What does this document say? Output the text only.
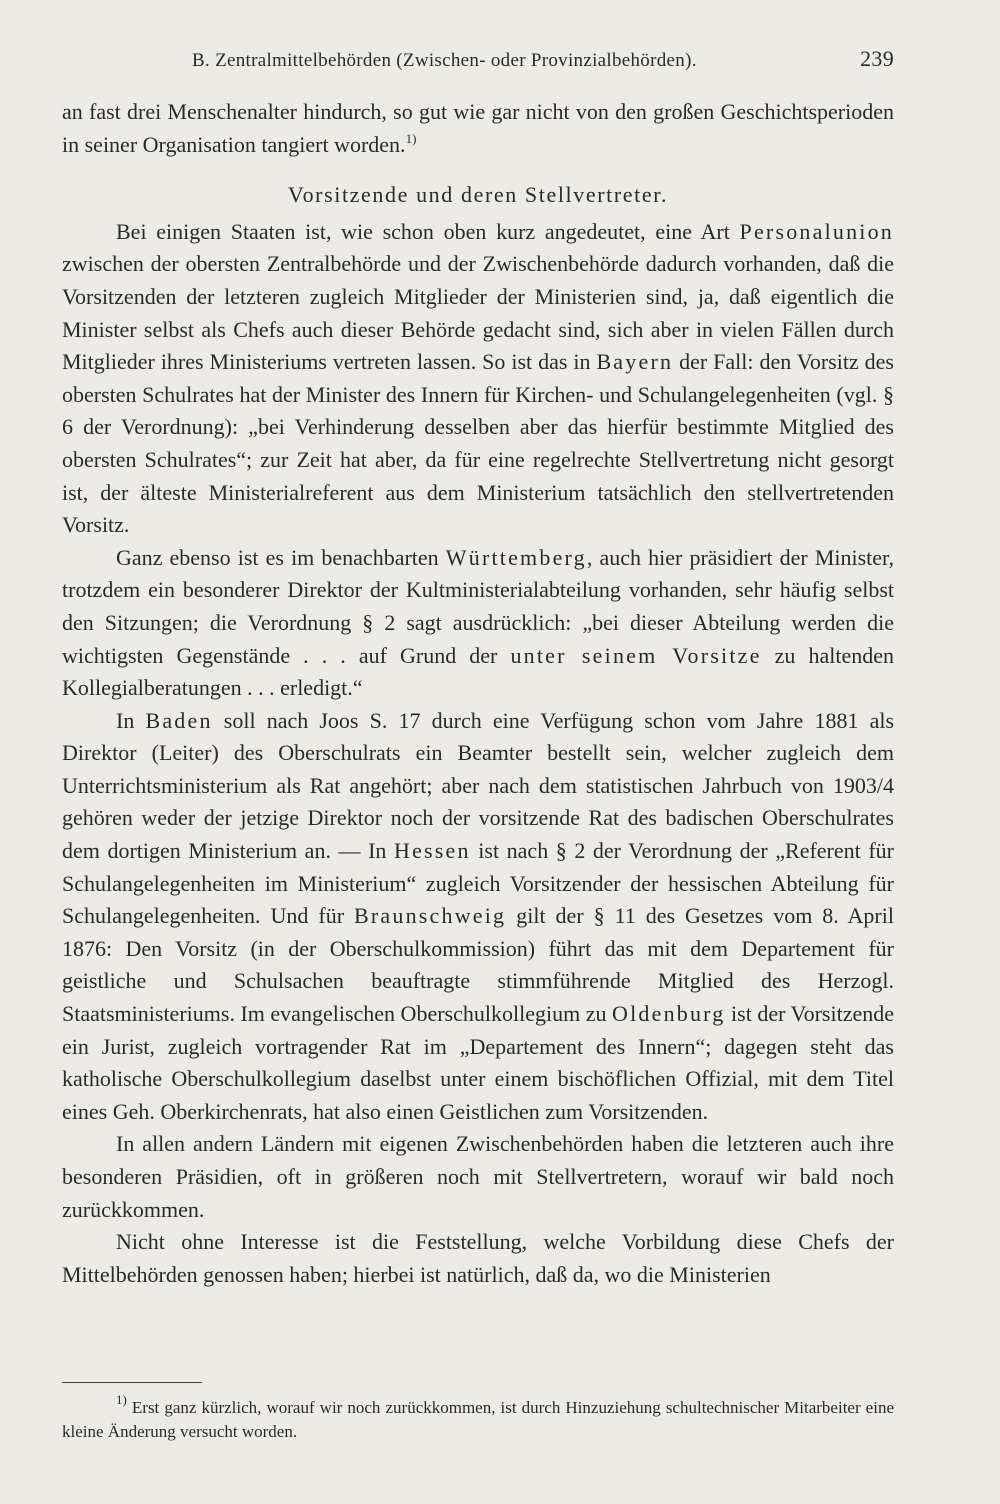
B. Zentralmittelbehörden (Zwischen- oder Provinzialbehörden).	239

an fast drei Menschenalter hindurch, so gut wie gar nicht von den großen Geschichtsperioden in seiner Organisation tangiert worden.$^{1)}$

Vorsitzende und deren Stellvertreter.

Bei einigen Staaten ist, wie schon oben kurz angedeutet, eine Art Personalunion zwischen der obersten Zentralbehörde und der Zwischenbehörde dadurch vorhanden, daß die Vorsitzenden der letzteren zugleich Mitglieder der Ministerien sind, ja, daß eigentlich die Minister selbst als Chefs auch dieser Behörde gedacht sind, sich aber in vielen Fällen durch Mitglieder ihres Ministeriums vertreten lassen. So ist das in Bayern der Fall: den Vorsitz des obersten Schulrates hat der Minister des Innern für Kirchen- und Schulangelegenheiten (vgl. § 6 der Verordnung): „bei Verhinderung desselben aber das hierfür bestimmte Mitglied des obersten Schulrates“; zur Zeit hat aber, da für eine regelrechte Stellvertretung nicht gesorgt ist, der älteste Ministerialreferent aus dem Ministerium tatsächlich den stellvertretenden Vorsitz.

Ganz ebenso ist es im benachbarten Württemberg, auch hier präsidiert der Minister, trotzdem ein besonderer Direktor der Kultministerialabteilung vorhanden, sehr häufig selbst den Sitzungen; die Verordnung § 2 sagt ausdrücklich: „bei dieser Abteilung werden die wichtigsten Gegenstände . . . auf Grund der unter seinem Vorsitze zu haltenden Kollegialberatungen . . . erledigt.“

In Baden soll nach Joos S. 17 durch eine Verfügung schon vom Jahre 1881 als Direktor (Leiter) des Oberschulrats ein Beamter bestellt sein, welcher zugleich dem Unterrichtsministerium als Rat angehört; aber nach dem statistischen Jahrbuch von 1903/4 gehören weder der jetzige Direktor noch der vorsitzende Rat des badischen Oberschulrates dem dortigen Ministerium an. — In Hessen ist nach § 2 der Verordnung der „Referent für Schulangelegenheiten im Ministerium“ zugleich Vorsitzender der hessischen Abteilung für Schulangelegenheiten. Und für Braunschweig gilt der § 11 des Gesetzes vom 8. April 1876: Den Vorsitz (in der Oberschulkommission) führt das mit dem Departement für geistliche und Schulsachen beauftragte stimmführende Mitglied des Herzogl. Staatsministeriums. Im evangelischen Oberschulkollegium zu Oldenburg ist der Vorsitzende ein Jurist, zugleich vortragender Rat im „Departement des Innern“; dagegen steht das katholische Oberschulkollegium daselbst unter einem bischöflichen Offizial, mit dem Titel eines Geh. Oberkirchenrats, hat also einen Geistlichen zum Vorsitzenden.

In allen andern Ländern mit eigenen Zwischenbehörden haben die letzteren auch ihre besonderen Präsidien, oft in größeren noch mit Stellvertretern, worauf wir bald noch zurückkommen.

Nicht ohne Interesse ist die Feststellung, welche Vorbildung diese Chefs der Mittelbehörden genossen haben; hierbei ist natürlich, daß da, wo die Ministerien

$^{1)}$ Erst ganz kürzlich, worauf wir noch zurückkommen, ist durch Hinzuziehung schultechnischer Mitarbeiter eine kleine Änderung versucht worden.
